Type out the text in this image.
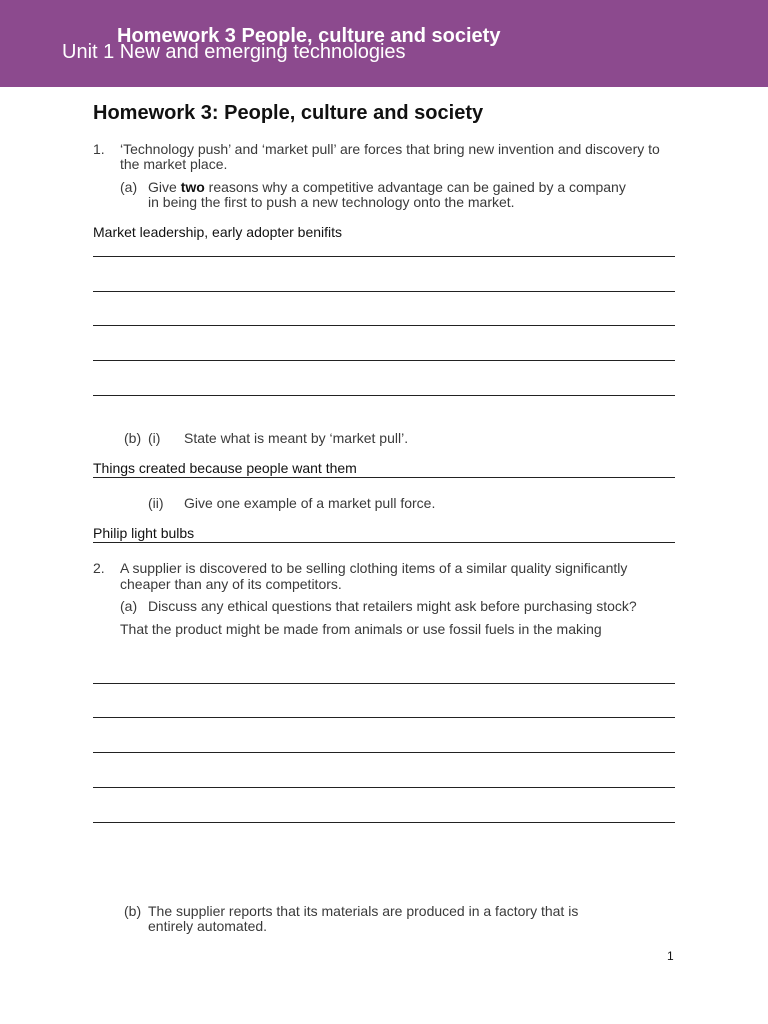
Homework 3 People, culture and society
Unit 1 New and emerging technologies
Homework 3: People, culture and society
1. ‘Technology push’ and ‘market pull’ are forces that bring new invention and discovery to
the market place.
(a) Give two reasons why a competitive advantage can be gained by a company
in being the first to push a new technology onto the market.
Market leadership, early adopter benifits
(b) (i) State what is meant by ‘market pull’.
Things created because people want them
(ii) Give one example of a market pull force.
Philip light bulbs
2. A supplier is discovered to be selling clothing items of a similar quality significantly
cheaper than any of its competitors.
(a) Discuss any ethical questions that retailers might ask before purchasing stock?
That the product might be made from animals or use fossil fuels in the making
(b) The supplier reports that its materials are produced in a factory that is
entirely automated.
1
